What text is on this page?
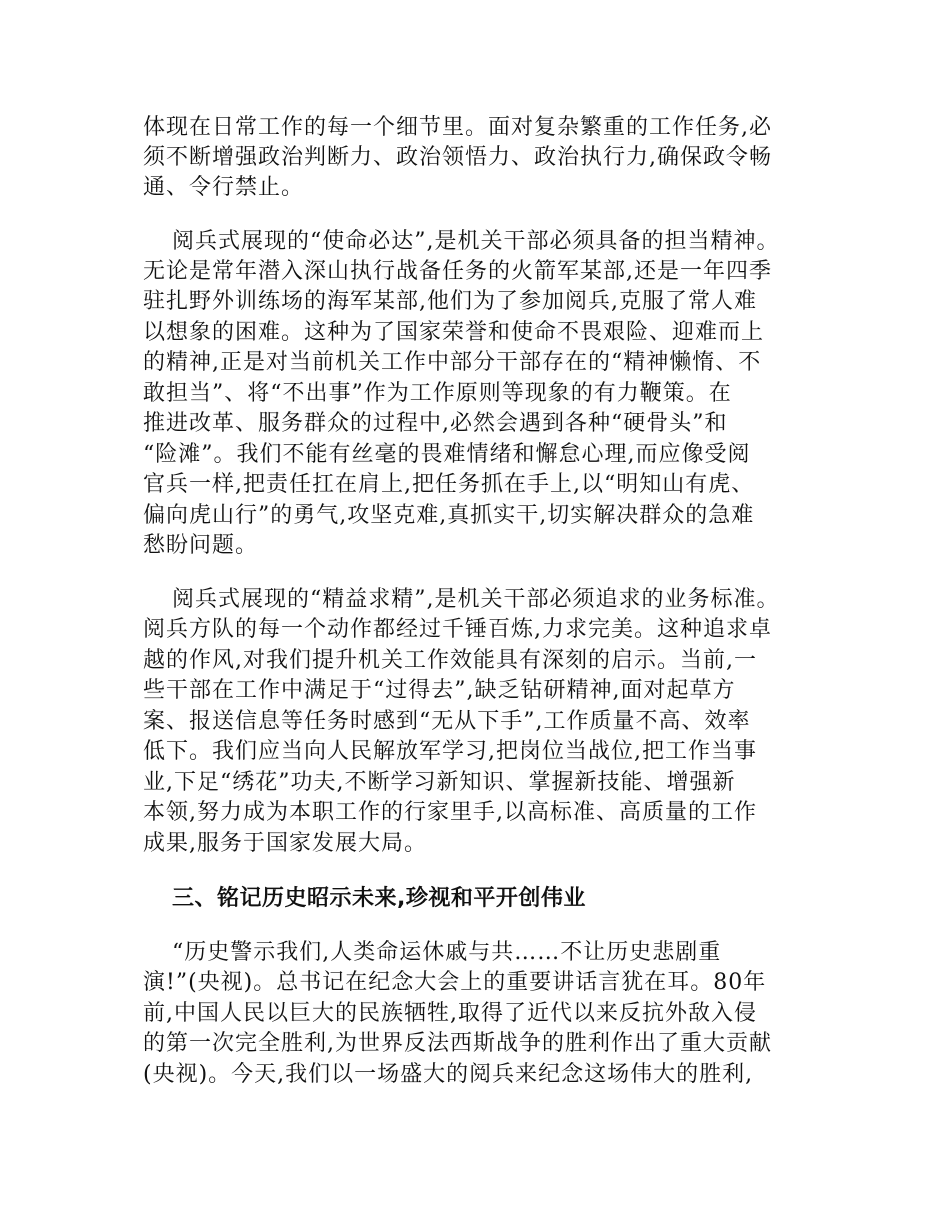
体现在日常工作的每一个细节里。面对复杂繁重的工作任务,必
须不断增强政治判断力、政治领悟力、政治执行力,确保政令畅
通、令行禁止。
阅兵式展现的“使命必达”,是机关干部必须具备的担当精神。
无论是常年潜入深山执行战备任务的火箭军某部,还是一年四季
驻扎野外训练场的海军某部,他们为了参加阅兵,克服了常人难
以想象的困难。这种为了国家荣誉和使命不畏艰险、迎难而上
的精神,正是对当前机关工作中部分干部存在的“精神懒惰、不
敢担当”、将“不出事”作为工作原则等现象的有力鞭策。在
推进改革、服务群众的过程中,必然会遇到各种“硬骨头”和
“险滩”。我们不能有丝毫的畏难情绪和懈怠心理,而应像受阅
官兵一样,把责任扛在肩上,把任务抓在手上,以“明知山有虎、
偏向虎山行”的勇气,攻坚克难,真抓实干,切实解决群众的急难
愁盼问题。
阅兵式展现的“精益求精”,是机关干部必须追求的业务标准。
阅兵方队的每一个动作都经过千锤百炼,力求完美。这种追求卓
越的作风,对我们提升机关工作效能具有深刻的启示。当前,一
些干部在工作中满足于“过得去”,缺乏钻研精神,面对起草方
案、报送信息等任务时感到“无从下手”,工作质量不高、效率
低下。我们应当向人民解放军学习,把岗位当战位,把工作当事
业,下足“绣花”功夫,不断学习新知识、掌握新技能、增强新
本领,努力成为本职工作的行家里手,以高标准、高质量的工作
成果,服务于国家发展大局。
三、铭记历史昭示未来,珍视和平开创伟业
“历史警示我们,人类命运休戚与共……不让历史悲剧重
演!”(央视)。总书记在纪念大会上的重要讲话言犹在耳。80年
前,中国人民以巨大的民族牺牲,取得了近代以来反抗外敌入侵
的第一次完全胜利,为世界反法西斯战争的胜利作出了重大贡献
(央视)。今天,我们以一场盛大的阅兵来纪念这场伟大的胜利,
